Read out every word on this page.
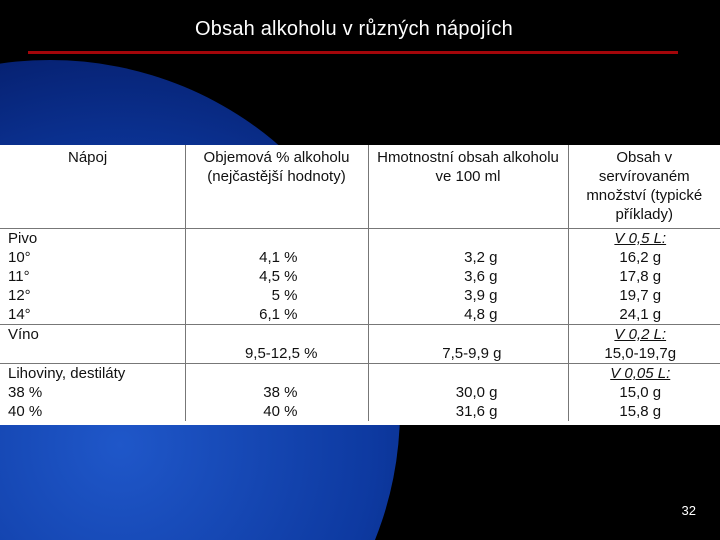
Obsah alkoholu v různých nápojích
Nápoj	Objemová % alkoholu (nejčastější hodnoty)	Hmotnostní obsah alkoholu ve 100 ml	Obsah v servírovaném množství (typické příklady)
Pivo			V 0,5 L:
10°	4,1 %	3,2 g	16,2 g
11°	4,5 %	3,6 g	17,8 g
12°	5 %	3,9 g	19,7 g
14°	6,1 %	4,8 g	24,1 g
Víno			V 0,2 L:
	9,5-12,5 %	7,5-9,9 g	15,0-19,7g
Lihoviny, destiláty			V 0,05 L:
38 %	38 %	30,0 g	15,0 g
40 %	40 %	31,6 g	15,8 g
32
